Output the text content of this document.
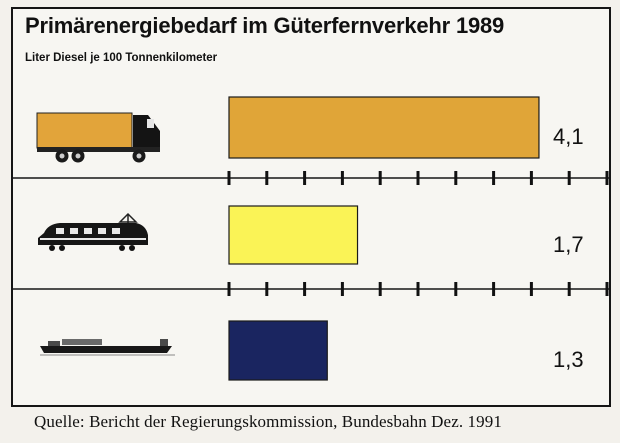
Primärenergiebedarf im Güterfernverkehr 1989
Liter Diesel je 100 Tonnenkilometer
4,1
1,7
1,3
Quelle: Bericht der Regierungskommission, Bundesbahn Dez. 1991
